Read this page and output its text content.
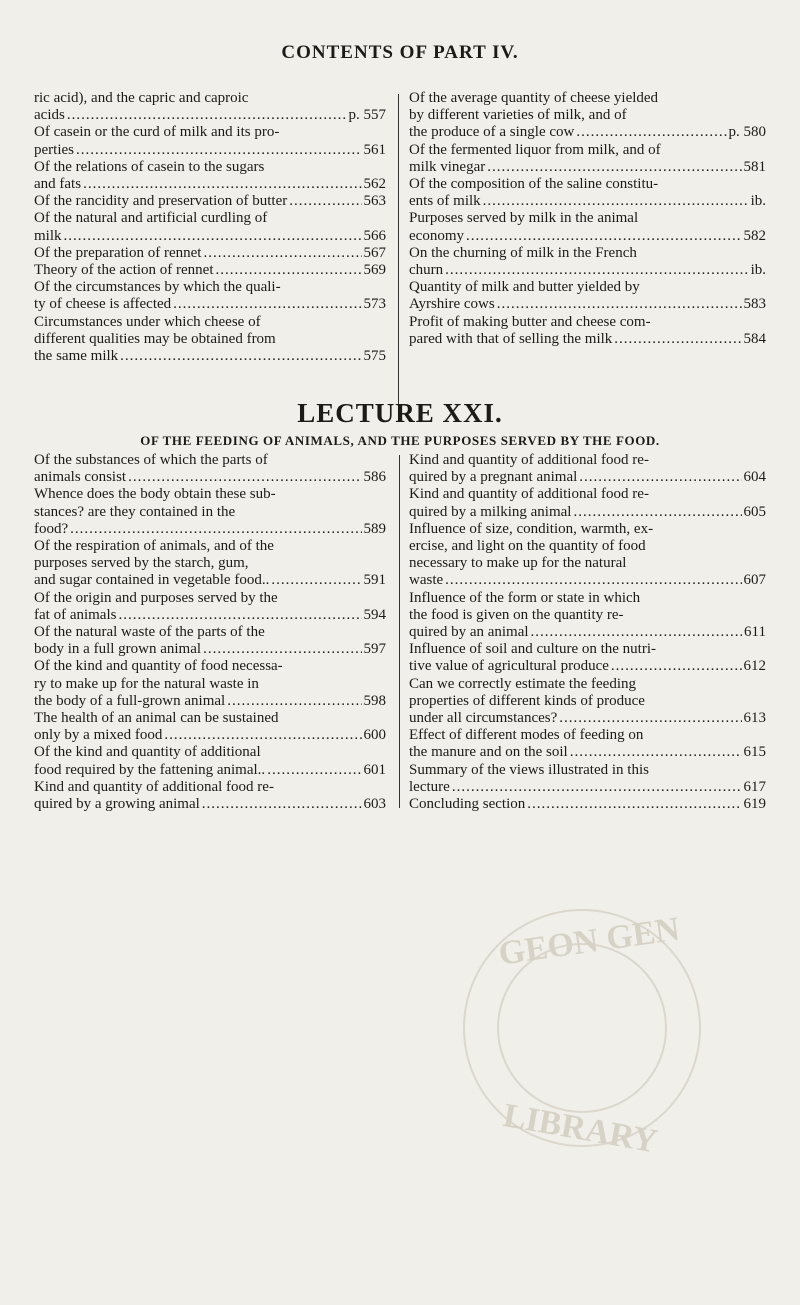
CONTENTS OF PART IV.
ric acid), and the capric and caproic
acids .....	p. 557
Of casein or the curd of milk and its pro-
perties .....	561
Of the relations of casein to the sugars
and fats .....	562
Of the rancidity and preservation of butter .....	563
Of the natural and artificial curdling of
milk .....	566
Of the preparation of rennet .....	567
Theory of the action of rennet .....	569
Of the circumstances by which the quali-
ty of cheese is affected .....	573
Circumstances under which cheese of
different qualities may be obtained from
the same milk .....	575
Of the average quantity of cheese yielded
by different varieties of milk, and of
the produce of a single cow .....	p. 580
Of the fermented liquor from milk, and of
milk vinegar .....	581
Of the composition of the saline constitu-
ents of milk .....	ib.
Purposes served by milk in the animal
economy .....	582
On the churning of milk in the French
churn .....	ib.
Quantity of milk and butter yielded by
Ayrshire cows .....	583
Profit of making butter and cheese com-
pared with that of selling the milk .....	584
LECTURE XXI.
OF THE FEEDING OF ANIMALS, AND THE PURPOSES SERVED BY THE FOOD.
Of the substances of which the parts of
animals consist .....	586
Whence does the body obtain these sub-
stances? are they contained in the
food? .....	589
Of the respiration of animals, and of the
purposes served by the starch, gum,
and sugar contained in vegetable food.. .....	591
Of the origin and purposes served by the
fat of animals .....	594
Of the natural waste of the parts of the
body in a full grown animal .....	597
Of the kind and quantity of food necessa-
ry to make up for the natural waste in
the body of a full-grown animal .....	598
The health of an animal can be sustained
only by a mixed food .....	600
Of the kind and quantity of additional
food required by the fattening animal.. .....	601
Kind and quantity of additional food re-
quired by a growing animal .....	603
Kind and quantity of additional food re-
quired by a pregnant animal .....	604
Kind and quantity of additional food re-
quired by a milking animal .....	605
Influence of size, condition, warmth, ex-
ercise, and light on the quantity of food
necessary to make up for the natural
waste .....	607
Influence of the form or state in which
the food is given on the quantity re-
quired by an animal .....	611
Influence of soil and culture on the nutri-
tive value of agricultural produce .....	612
Can we correctly estimate the feeding
properties of different kinds of produce
under all circumstances? .....	613
Effect of different modes of feeding on
the manure and on the soil .....	615
Summary of the views illustrated in this
lecture .....	617
Concluding section .....	619
GEON GEN
LIBRARY
